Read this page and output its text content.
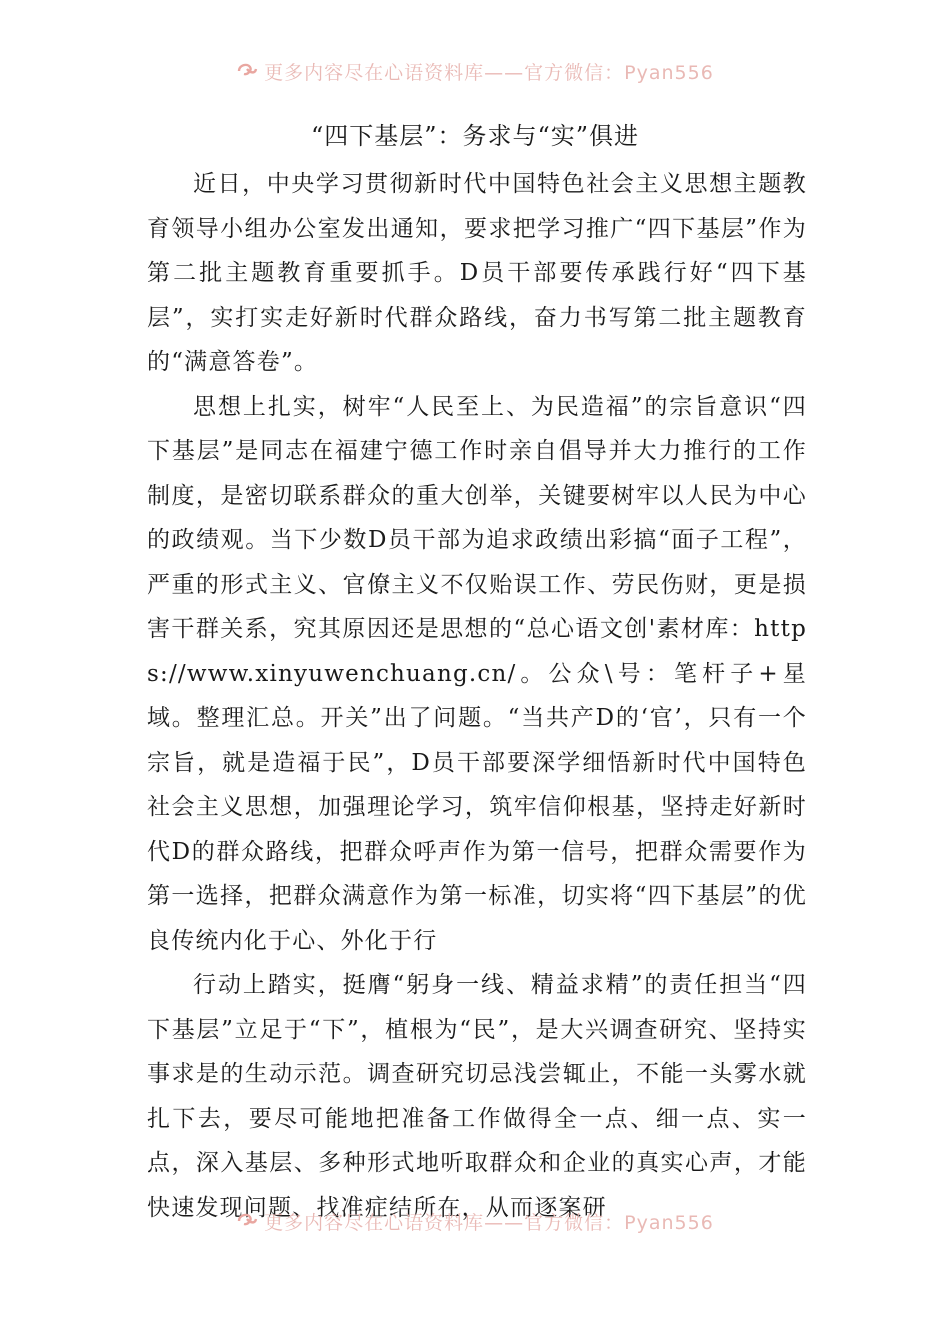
更多内容尽在心语资料库——官方微信：Pyan556
“四下基层”：务求与“实”俱进

近日，中央学习贯彻新时代中国特色社会主义思想主题教育领导小组办公室发出通知，要求把学习推广“四下基层”作为第二批主题教育重要抓手。D员干部要传承践行好“四下基层”，实打实走好新时代群众路线，奋力书写第二批主题教育的“满意答卷”。

思想上扎实，树牢“人民至上、为民造福”的宗旨意识“四下基层”是同志在福建宁德工作时亲自倡导并大力推行的工作制度，是密切联系群众的重大创举，关键要树牢以人民为中心的政绩观。当下少数D员干部为追求政绩出彩搞“面子工程”，严重的形式主义、官僚主义不仅贻误工作、劳民伤财，更是损害干群关系，究其原因还是思想的“总心语文创'素材库：https://www.xinyuwenchuang.cn/。公众\号：笔杆子+星域。整理汇总。开关”出了问题。“当共产D的‘官’，只有一个宗旨，就是造福于民”，D员干部要深学细悟新时代中国特色社会主义思想，加强理论学习，筑牢信仰根基，坚持走好新时代D的群众路线，把群众呼声作为第一信号，把群众需要作为第一选择，把群众满意作为第一标准，切实将“四下基层”的优良传统内化于心、外化于行

行动上踏实，挺膺“躬身一线、精益求精”的责任担当“四下基层”立足于“下”，植根为“民”，是大兴调查研究、坚持实事求是的生动示范。调查研究切忌浅尝辄止，不能一头雾水就扎下去，要尽可能地把准备工作做得全一点、细一点、实一点，深入基层、多种形式地听取群众和企业的真实心声，才能快速发现问题、找准症结所在，从而逐案研

更多内容尽在心语资料库——官方微信：Pyan556
